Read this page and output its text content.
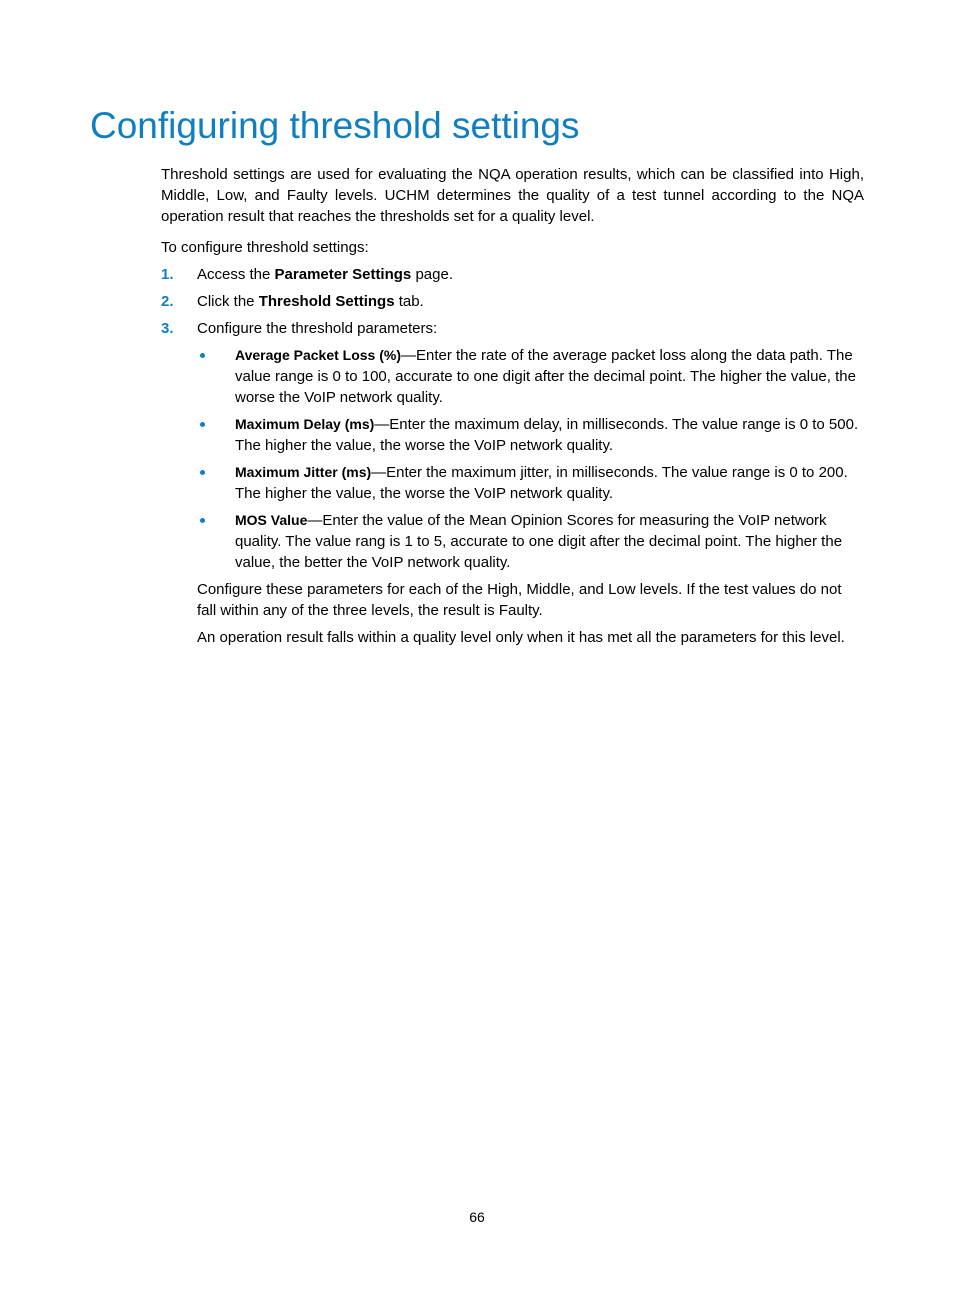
Configuring threshold settings

Threshold settings are used for evaluating the NQA operation results, which can be classified into High, Middle, Low, and Faulty levels. UCHM determines the quality of a test tunnel according to the NQA operation result that reaches the thresholds set for a quality level.

To configure threshold settings:

1. Access the Parameter Settings page.
2. Click the Threshold Settings tab.
3. Configure the threshold parameters:
Average Packet Loss (%)—Enter the rate of the average packet loss along the data path. The value range is 0 to 100, accurate to one digit after the decimal point. The higher the value, the worse the VoIP network quality.
Maximum Delay (ms)—Enter the maximum delay, in milliseconds. The value range is 0 to 500. The higher the value, the worse the VoIP network quality.
Maximum Jitter (ms)—Enter the maximum jitter, in milliseconds. The value range is 0 to 200. The higher the value, the worse the VoIP network quality.
MOS Value—Enter the value of the Mean Opinion Scores for measuring the VoIP network quality. The value rang is 1 to 5, accurate to one digit after the decimal point. The higher the value, the better the VoIP network quality.

Configure these parameters for each of the High, Middle, and Low levels. If the test values do not fall within any of the three levels, the result is Faulty.

An operation result falls within a quality level only when it has met all the parameters for this level.

66
